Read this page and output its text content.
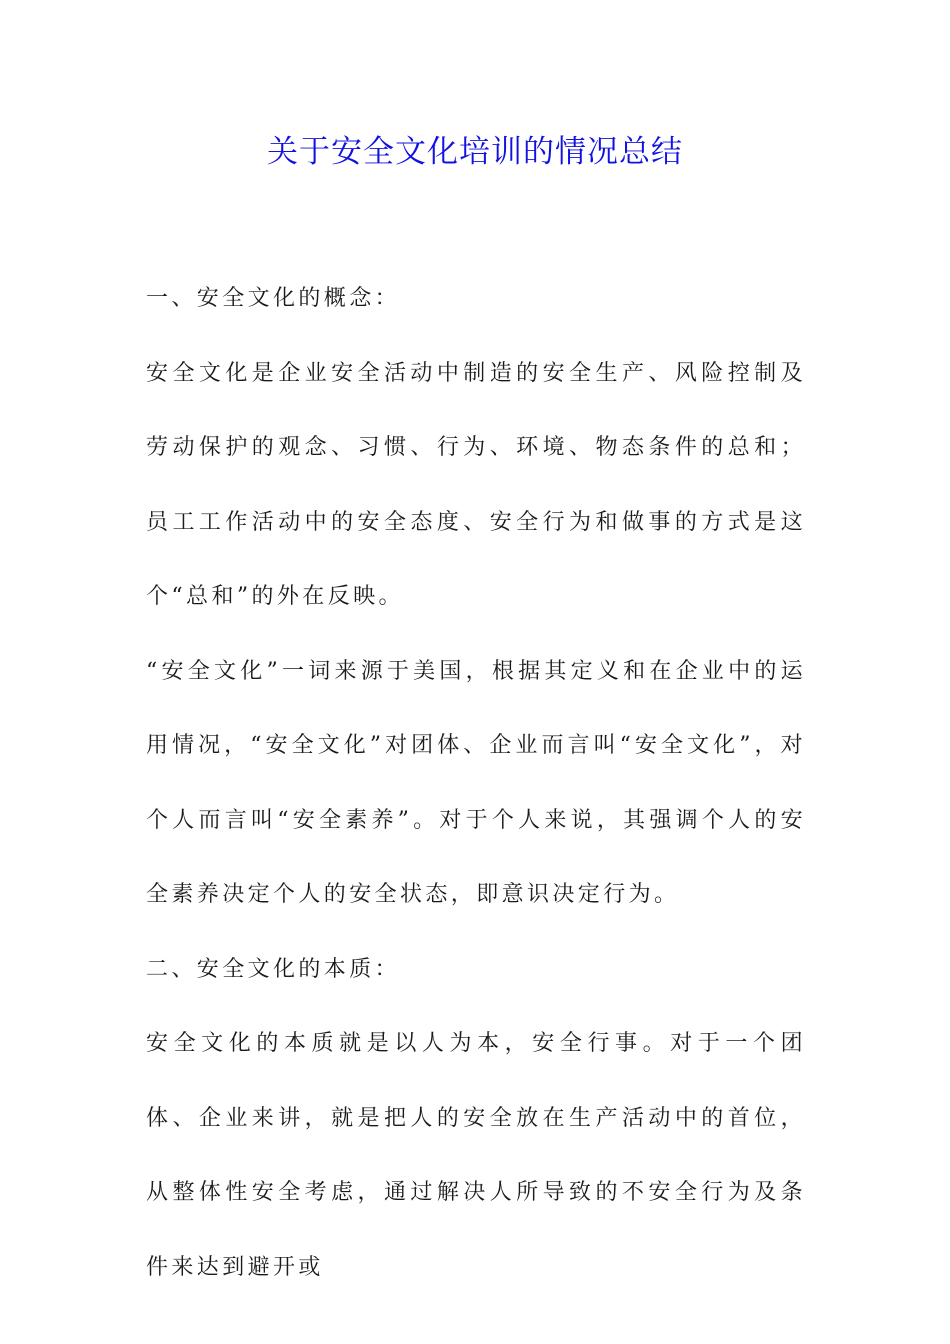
关于安全文化培训的情况总结

一、安全文化的概念：

安全文化是企业安全活动中制造的安全生产、风险控制及劳动保护的观念、习惯、行为、环境、物态条件的总和；员工工作活动中的安全态度、安全行为和做事的方式是这个“总和”的外在反映。

“安全文化”一词来源于美国，根据其定义和在企业中的运用情况，“安全文化”对团体、企业而言叫“安全文化”，对个人而言叫“安全素养”。对于个人来说，其强调个人的安全素养决定个人的安全状态，即意识决定行为。

二、安全文化的本质：

安全文化的本质就是以人为本，安全行事。对于一个团体、企业来讲，就是把人的安全放在生产活动中的首位，从整体性安全考虑，通过解决人所导致的不安全行为及条件来达到避开或
